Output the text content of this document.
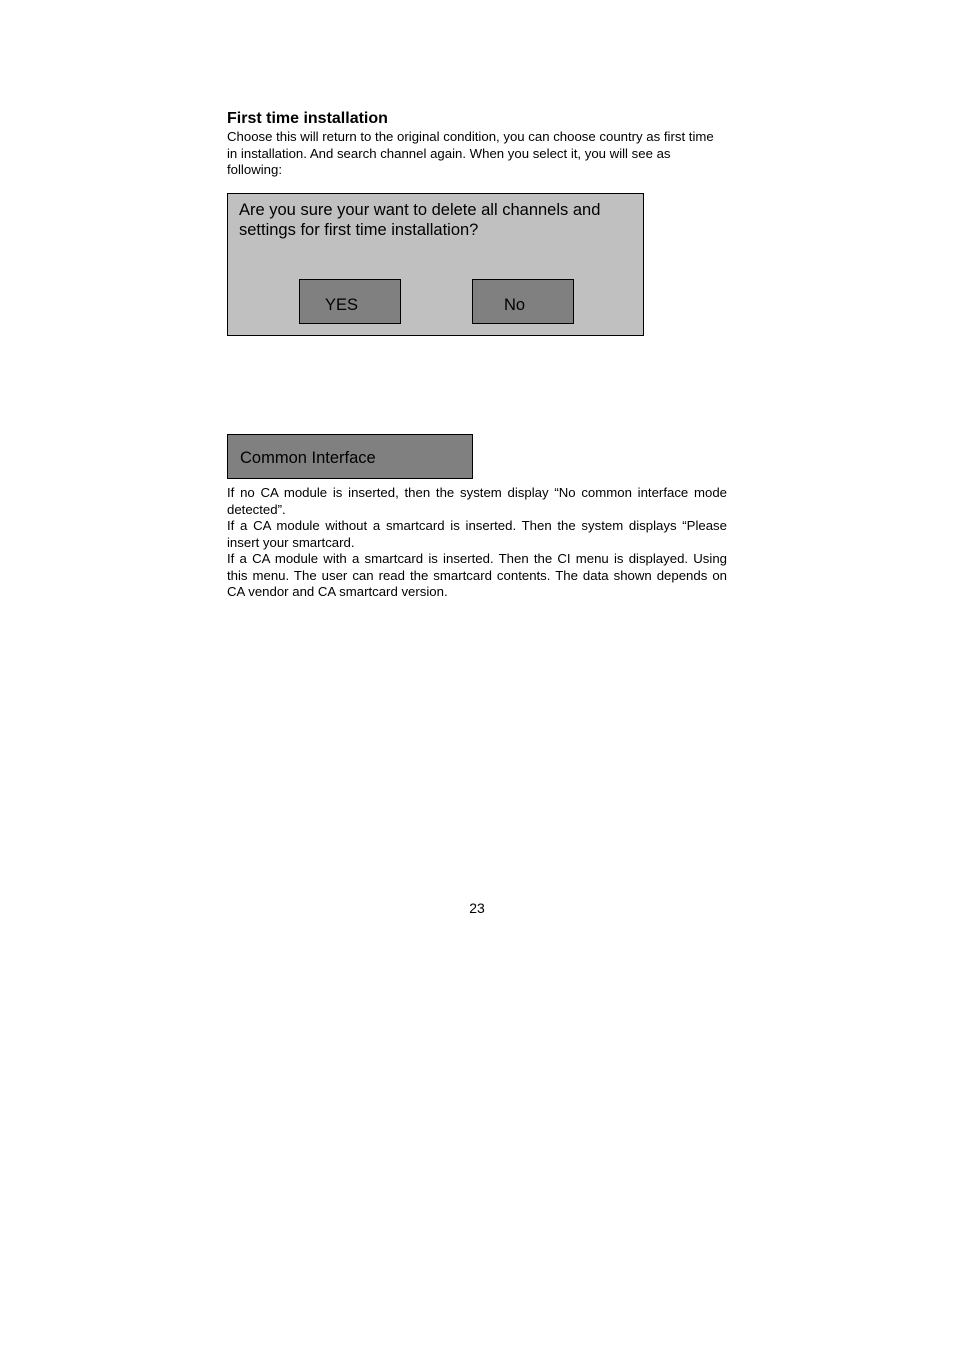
First time installation

Choose this will return to the original condition, you can choose country as first time in installation. And search channel again. When you select it, you will see as following:

Are you sure your want to delete all channels and settings for first time installation?

YES	No
Common Interface

If no CA module is inserted, then the system display “No common interface mode detected”.

If a CA module without a smartcard is inserted. Then the system displays “Please insert your smartcard.

If a CA module with a smartcard is inserted. Then the CI menu is displayed. Using this menu. The user can read the smartcard contents. The data shown depends on CA vendor and CA smartcard version.

23
